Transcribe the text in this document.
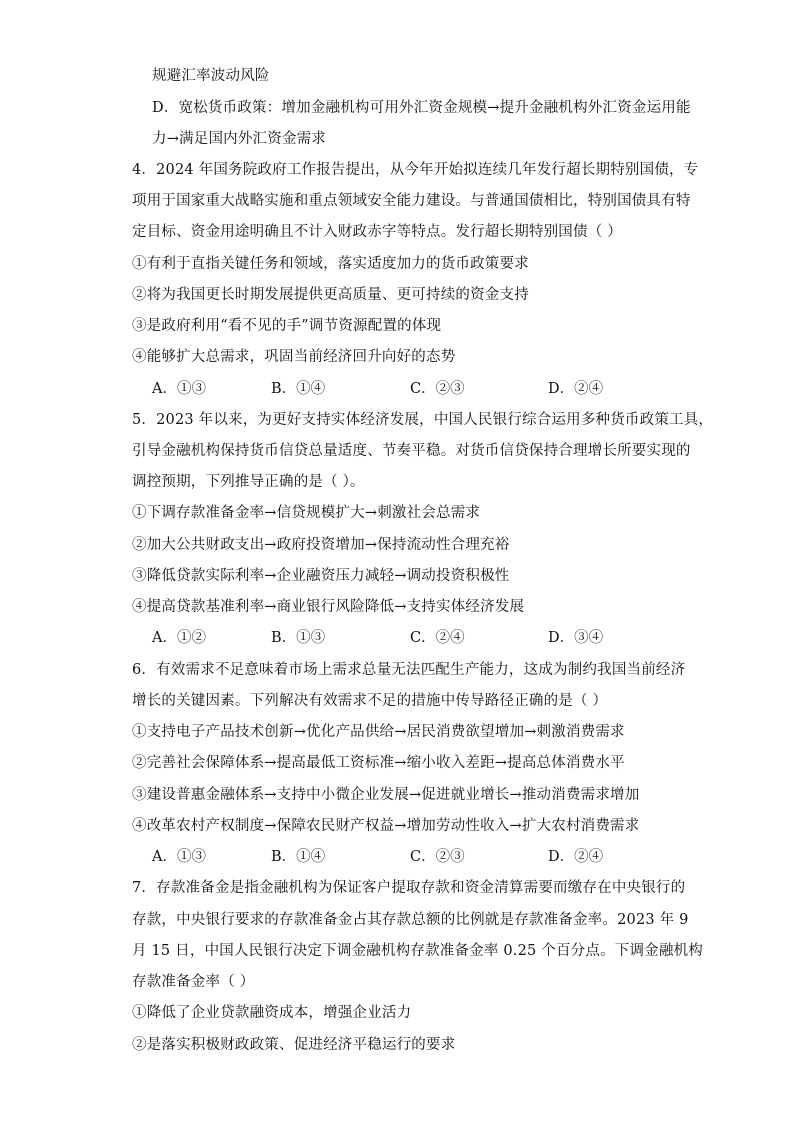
规避汇率波动风险
D．宽松货币政策：增加金融机构可用外汇资金规模→提升金融机构外汇资金运用能
力→满足国内外汇资金需求
4．2024 年国务院政府工作报告提出，从今年开始拟连续几年发行超长期特别国债，专
项用于国家重大战略实施和重点领域安全能力建设。与普通国债相比，特别国债具有特
定目标、资金用途明确且不计入财政赤字等特点。发行超长期特别国债（ ）
①有利于直指关键任务和领域，落实适度加力的货币政策要求
②将为我国更长时期发展提供更高质量、更可持续的资金支持
③是政府利用“看不见的手”调节资源配置的体现
④能够扩大总需求，巩固当前经济回升向好的态势
A．①③	B．①④	C．②③	D．②④
5．2023 年以来，为更好支持实体经济发展，中国人民银行综合运用多种货币政策工具，
引导金融机构保持货币信贷总量适度、节奏平稳。对货币信贷保持合理增长所要实现的
调控预期，下列推导正确的是（ ）。
①下调存款准备金率→信贷规模扩大→刺激社会总需求
②加大公共财政支出→政府投资增加→保持流动性合理充裕
③降低贷款实际利率→企业融资压力减轻→调动投资积极性
④提高贷款基准利率→商业银行风险降低→支持实体经济发展
A．①②	B．①③	C．②④	D．③④
6．有效需求不足意味着市场上需求总量无法匹配生产能力，这成为制约我国当前经济
增长的关键因素。下列解决有效需求不足的措施中传导路径正确的是（ ）
①支持电子产品技术创新→优化产品供给→居民消费欲望增加→刺激消费需求
②完善社会保障体系→提高最低工资标准→缩小收入差距→提高总体消费水平
③建设普惠金融体系→支持中小微企业发展→促进就业增长→推动消费需求增加
④改革农村产权制度→保障农民财产权益→增加劳动性收入→扩大农村消费需求
A．①③	B．①④	C．②③	D．②④
7．存款准备金是指金融机构为保证客户提取存款和资金清算需要而缴存在中央银行的
存款，中央银行要求的存款准备金占其存款总额的比例就是存款准备金率。2023 年 9
月 15 日，中国人民银行决定下调金融机构存款准备金率 0.25 个百分点。下调金融机构
存款准备金率（ ）
①降低了企业贷款融资成本，增强企业活力
②是落实积极财政政策、促进经济平稳运行的要求
